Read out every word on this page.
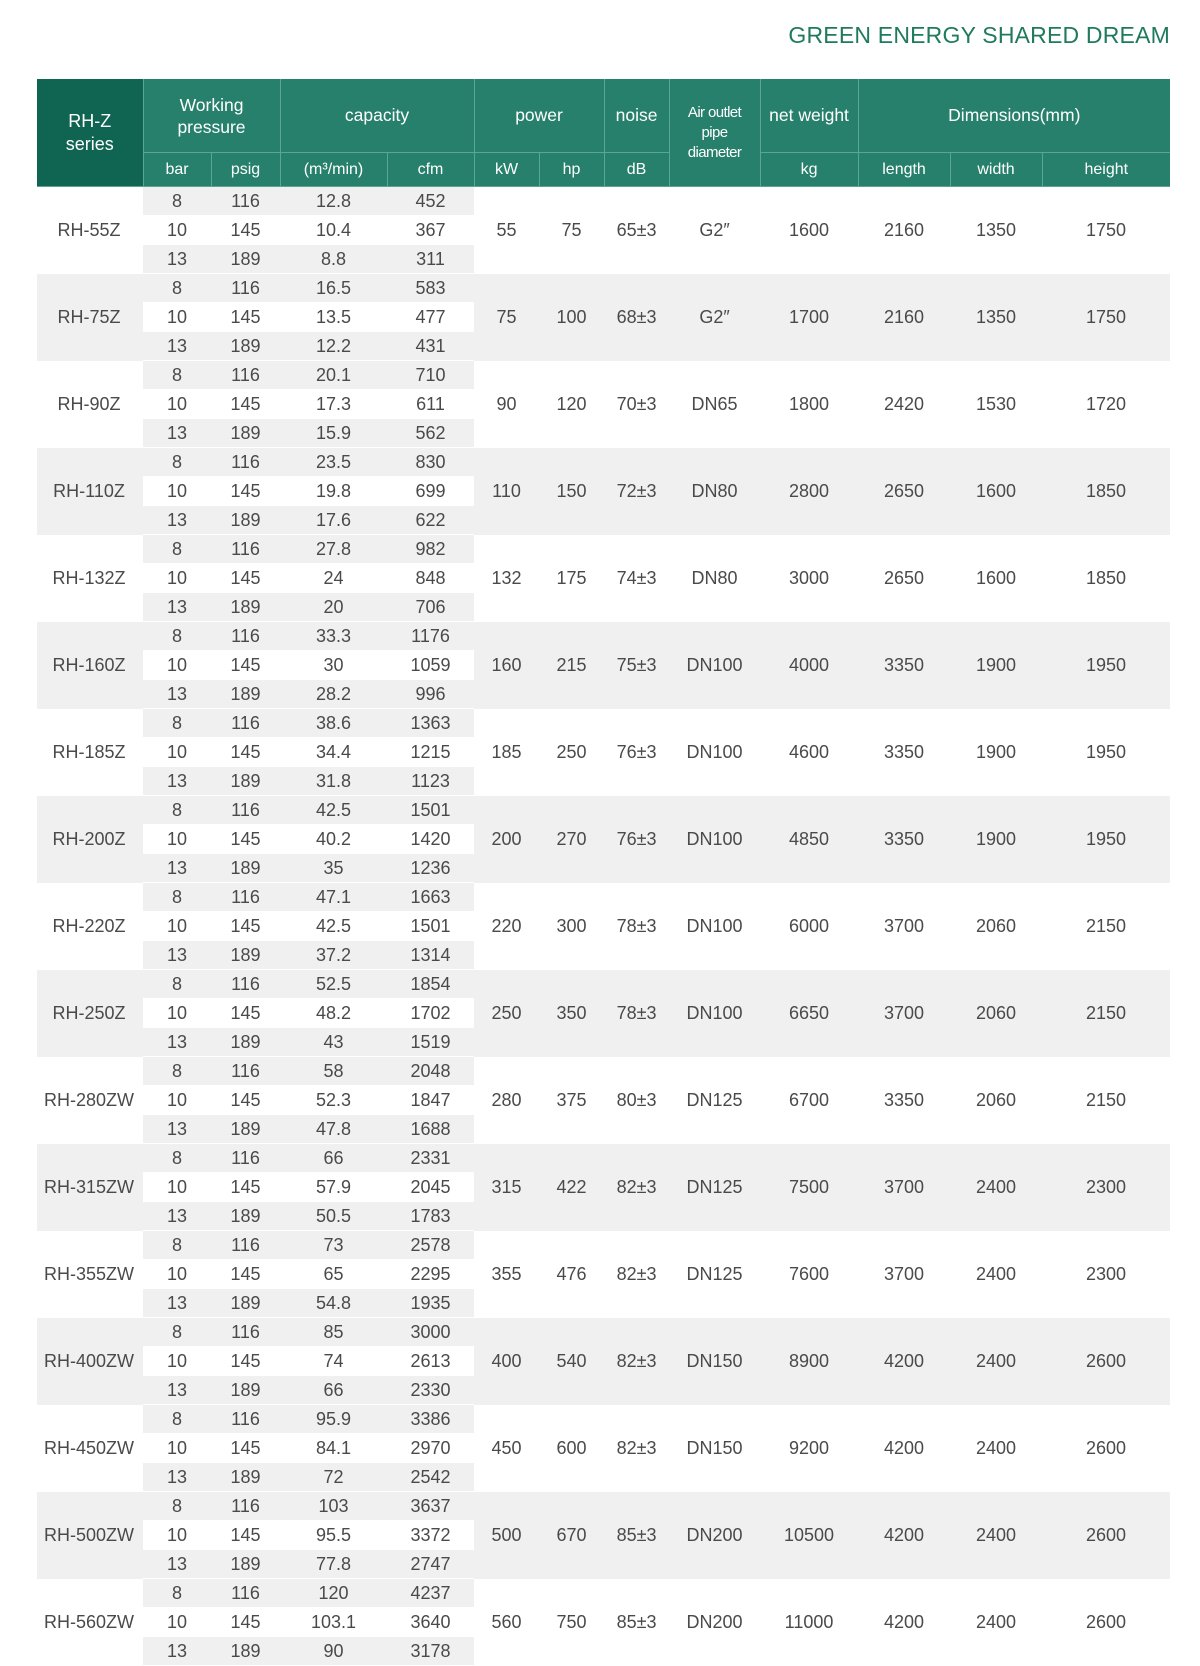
GREEN ENERGY SHARED DREAM
RH-Z
series	Working
pressure		capacity		power		noise	Air outlet
pipe
diameter	net weight	Dimensions(mm)		
	bar	psig	(m³/min)	cfm	kW	hp	dB		kg	length	width	height
RH-55Z	8	116	12.8	452	55	75	65±3	G2″	1600	2160	1350	1750
	10	145	10.4	367								
	13	189	8.8	311								
RH-75Z	8	116	16.5	583	75	100	68±3	G2″	1700	2160	1350	1750
	10	145	13.5	477								
	13	189	12.2	431								
RH-90Z	8	116	20.1	710	90	120	70±3	DN65	1800	2420	1530	1720
	10	145	17.3	611								
	13	189	15.9	562								
RH-110Z	8	116	23.5	830	110	150	72±3	DN80	2800	2650	1600	1850
	10	145	19.8	699								
	13	189	17.6	622								
RH-132Z	8	116	27.8	982	132	175	74±3	DN80	3000	2650	1600	1850
	10	145	24	848								
	13	189	20	706								
RH-160Z	8	116	33.3	1176	160	215	75±3	DN100	4000	3350	1900	1950
	10	145	30	1059								
	13	189	28.2	996								
RH-185Z	8	116	38.6	1363	185	250	76±3	DN100	4600	3350	1900	1950
	10	145	34.4	1215								
	13	189	31.8	1123								
RH-200Z	8	116	42.5	1501	200	270	76±3	DN100	4850	3350	1900	1950
	10	145	40.2	1420								
	13	189	35	1236								
RH-220Z	8	116	47.1	1663	220	300	78±3	DN100	6000	3700	2060	2150
	10	145	42.5	1501								
	13	189	37.2	1314								
RH-250Z	8	116	52.5	1854	250	350	78±3	DN100	6650	3700	2060	2150
	10	145	48.2	1702								
	13	189	43	1519								
RH-280ZW	8	116	58	2048	280	375	80±3	DN125	6700	3350	2060	2150
	10	145	52.3	1847								
	13	189	47.8	1688								
RH-315ZW	8	116	66	2331	315	422	82±3	DN125	7500	3700	2400	2300
	10	145	57.9	2045								
	13	189	50.5	1783								
RH-355ZW	8	116	73	2578	355	476	82±3	DN125	7600	3700	2400	2300
	10	145	65	2295								
	13	189	54.8	1935								
RH-400ZW	8	116	85	3000	400	540	82±3	DN150	8900	4200	2400	2600
	10	145	74	2613								
	13	189	66	2330								
RH-450ZW	8	116	95.9	3386	450	600	82±3	DN150	9200	4200	2400	2600
	10	145	84.1	2970								
	13	189	72	2542								
RH-500ZW	8	116	103	3637	500	670	85±3	DN200	10500	4200	2400	2600
	10	145	95.5	3372								
	13	189	77.8	2747								
RH-560ZW	8	116	120	4237	560	750	85±3	DN200	11000	4200	2400	2600
	10	145	103.1	3640								
	13	189	90	3178								
